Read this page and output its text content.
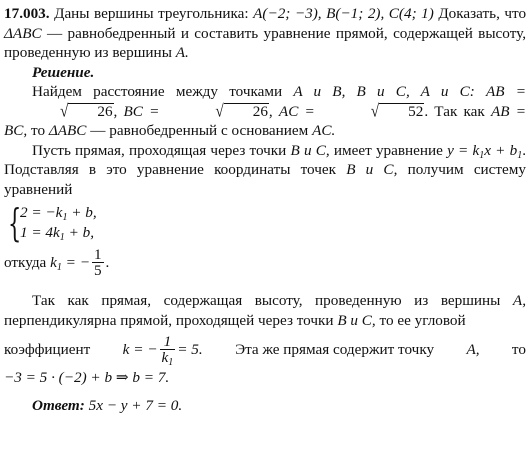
17.003. Даны вершины треугольника: A(−2; −3), B(−1; 2), C(4; 1) Доказать, что ΔABC — равнобедренный и составить уравнение прямой, содержащей высоту, проведенную из вершины A.

Решение.

Найдем расстояние между точками A и B, B и C, A и C: AB =√ 26, BC =	√ 26, AC =	√ 52. Так как AB = BC, то ΔABC — равнобедренный с основанием AC.

Пусть прямая, проходящая через точки B и C, имеет уравнение $y = k_1x + b_1$. Подставляя в это уравнение координаты точек B и C, получим систему уравнений

{
$2 = -k_1 + b$,
$1 = 4k_1 + b$,
откуда
$k_1$ = − $\frac{1}{5}$ .

Так как прямая, содержащая высоту, проведенную из вершины A, перпендикулярна прямой, проходящей через точки B и C, то ее угловой

коэффициент k = − $\frac{1}{k_1} = 5$. Эта же прямая содержит точку A, то

−3 = 5 · (−2) + b ⇒ b = 7.

Ответ: 5x − y + 7 = 0.
